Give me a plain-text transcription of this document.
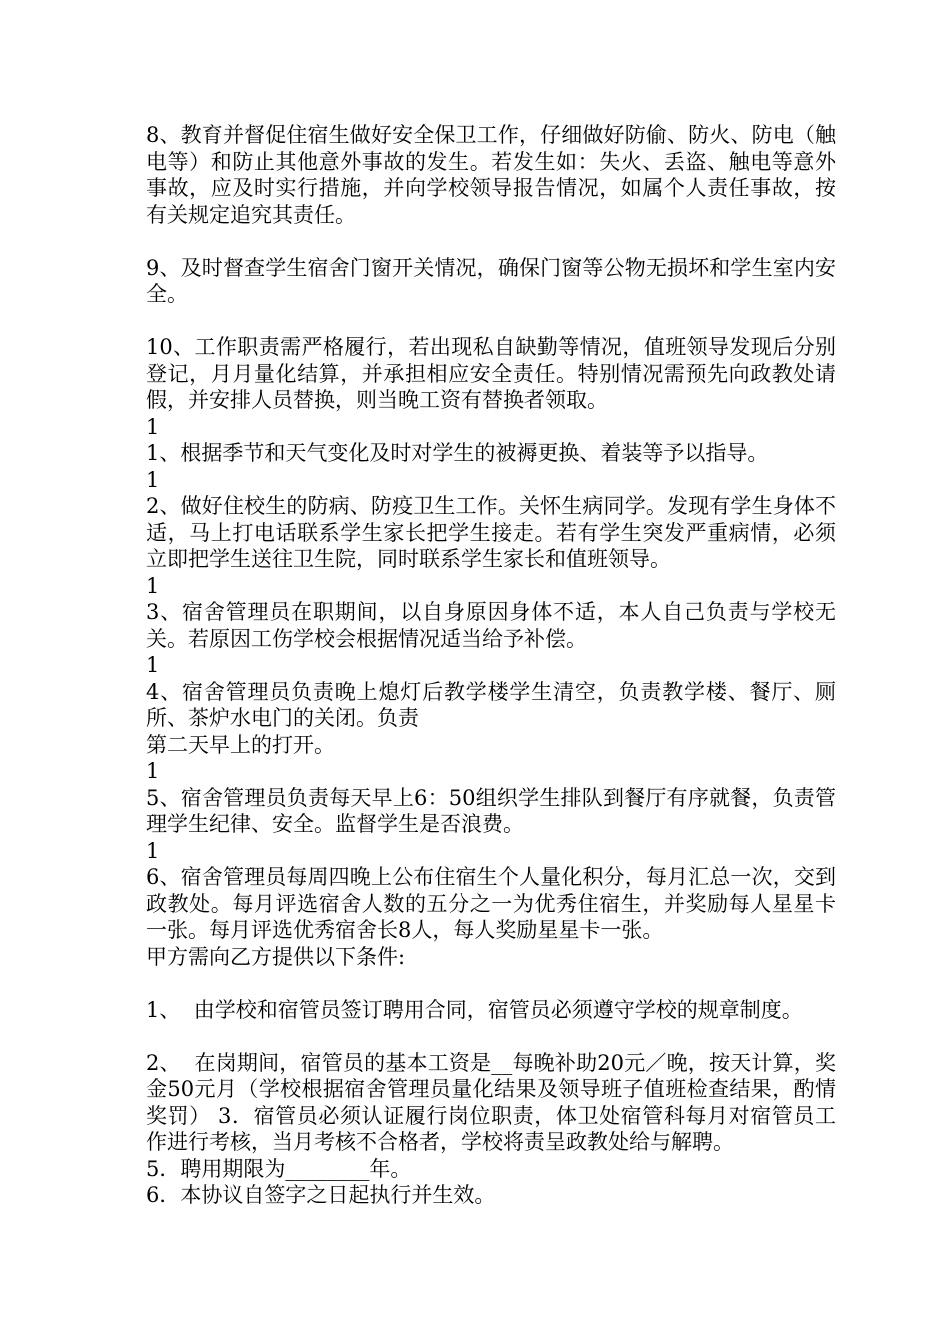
8、教育并督促住宿生做好安全保卫工作，仔细做好防偷、防火、防电（触电等）和防止其他意外事故的发生。若发生如：失火、丢盗、触电等意外事故，应及时实行措施，并向学校领导报告情况，如属个人责任事故，按有关规定追究其责任。

9、及时督查学生宿舍门窗开关情况，确保门窗等公物无损坏和学生室内安全。

10、工作职责需严格履行，若出现私自缺勤等情况，值班领导发现后分别登记，月月量化结算，并承担相应安全责任。特别情况需预先向政教处请假，并安排人员替换，则当晚工资有替换者领取。

1

1、根据季节和天气变化及时对学生的被褥更换、着装等予以指导。

1

2、做好住校生的防病、防疫卫生工作。关怀生病同学。发现有学生身体不适，马上打电话联系学生家长把学生接走。若有学生突发严重病情，必须立即把学生送往卫生院，同时联系学生家长和值班领导。

1

3、宿舍管理员在职期间，以自身原因身体不适，本人自己负责与学校无关。若原因工伤学校会根据情况适当给予补偿。

1

4、宿舍管理员负责晚上熄灯后教学楼学生清空，负责教学楼、餐厅、厕所、茶炉水电门的关闭。负责

第二天早上的打开。

1

5、宿舍管理员负责每天早上6：50组织学生排队到餐厅有序就餐，负责管理学生纪律、安全。监督学生是否浪费。

1

6、宿舍管理员每周四晚上公布住宿生个人量化积分，每月汇总一次，交到政教处。每月评选宿舍人数的五分之一为优秀住宿生，并奖励每人星星卡一张。每月评选优秀宿舍长8人，每人奖励星星卡一张。

甲方需向乙方提供以下条件:

1、  由学校和宿管员签订聘用合同，宿管员必须遵守学校的规章制度。

2、  在岗期间，宿管员的基本工资是__每晚补助20元／晚，按天计算，奖金50元月（学校根据宿舍管理员量化结果及领导班子值班检查结果，酌情奖罚） 3．宿管员必须认证履行岗位职责，体卫处宿管科每月对宿管员工作进行考核，当月考核不合格者，学校将责呈政教处给与解聘。

5．聘用期限为________年。

6．本协议自签字之日起执行并生效。
